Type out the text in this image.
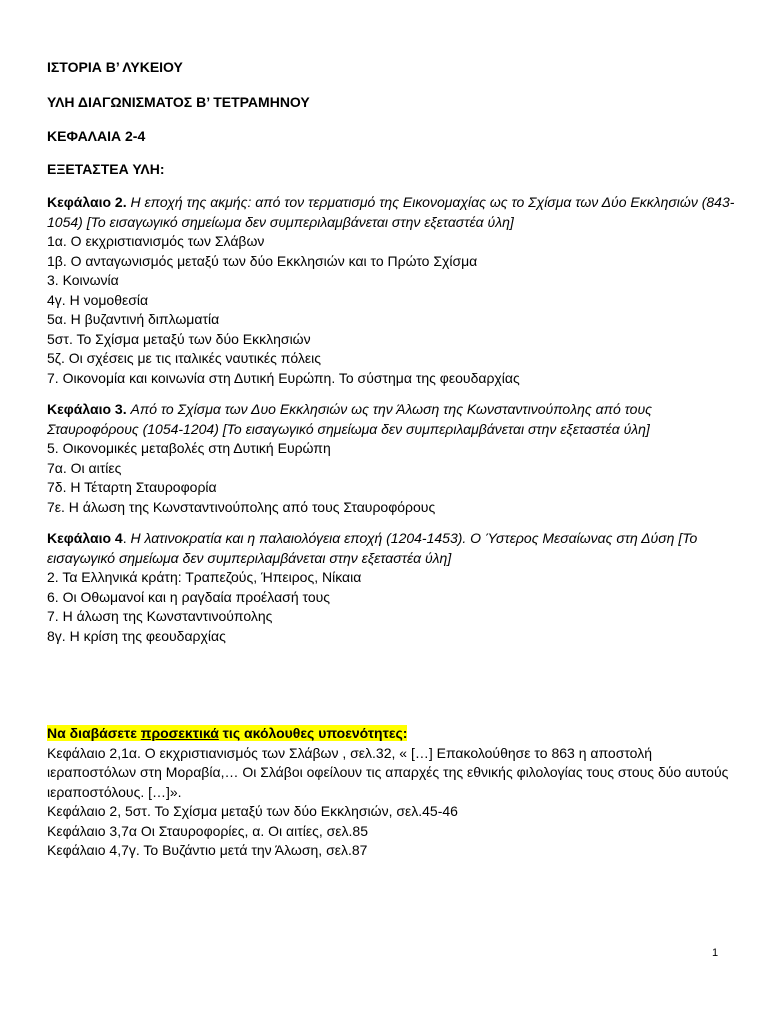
ΙΣΤΟΡΙΑ Β’ ΛΥΚΕΙΟΥ
ΥΛΗ ΔΙΑΓΩΝΙΣΜΑΤΟΣ Β’ ΤΕΤΡΑΜΗΝΟΥ
ΚΕΦΑΛΑΙΑ 2-4
ΕΞΕΤΑΣΤΕΑ ΥΛΗ:

Κεφάλαιο 2. Η εποχή της ακμής: από τον τερματισμό της Εικονομαχίας ως το Σχίσμα των Δύο Εκκλησιών (843-1054) [Το εισαγωγικό σημείωμα δεν συμπεριλαμβάνεται στην εξεταστέα ύλη]

1α. Ο εκχριστιανισμός των Σλάβων

1β. Ο ανταγωνισμός μεταξύ των δύο Εκκλησιών και το Πρώτο Σχίσμα

3. Κοινωνία

4γ. Η νομοθεσία

5α. Η βυζαντινή διπλωματία

5στ. Το Σχίσμα μεταξύ των δύο Εκκλησιών

5ζ. Οι σχέσεις με τις ιταλικές ναυτικές πόλεις

7. Οικονομία και κοινωνία στη Δυτική Ευρώπη. Το σύστημα της φεουδαρχίας

Κεφάλαιο 3. Από το Σχίσμα των Δυο Εκκλησιών ως την Άλωση της Κωνσταντινούπολης από τους Σταυροφόρους (1054-1204) [Το εισαγωγικό σημείωμα δεν συμπεριλαμβάνεται στην εξεταστέα ύλη]

5. Οικονομικές μεταβολές στη Δυτική Ευρώπη

7α. Οι αιτίες

7δ. Η Τέταρτη Σταυροφορία

7ε. Η άλωση της Κωνσταντινούπολης από τους Σταυροφόρους

Κεφάλαιο 4. Η λατινοκρατία και η παλαιολόγεια εποχή (1204-1453). Ο Ύστερος Μεσαίωνας στη Δύση [Το εισαγωγικό σημείωμα δεν συμπεριλαμβάνεται στην εξεταστέα ύλη]

2. Τα Ελληνικά κράτη: Τραπεζούς, Ήπειρος, Νίκαια

6. Οι Οθωμανοί και η ραγδαία προέλασή τους

7. Η άλωση της Κωνσταντινούπολης

8γ. Η κρίση της φεουδαρχίας

Να διαβάσετε προσεκτικά τις ακόλουθες υποενότητες:

Κεφάλαιο 2,1α. Ο εκχριστιανισμός των Σλάβων , σελ.32, « […] Επακολούθησε το 863 η αποστολή ιεραποστόλων στη Μοραβία,… Οι Σλάβοι οφείλουν τις απαρχές της εθνικής φιλολογίας τους στους δύο αυτούς ιεραποστόλους. […]».

Κεφάλαιο 2, 5στ. Το Σχίσμα μεταξύ των δύο Εκκλησιών, σελ.45-46

Κεφάλαιο 3,7α Οι Σταυροφορίες, α. Οι αιτίες, σελ.85

Κεφάλαιο 4,7γ. Το Βυζάντιο μετά την Άλωση, σελ.87

1
